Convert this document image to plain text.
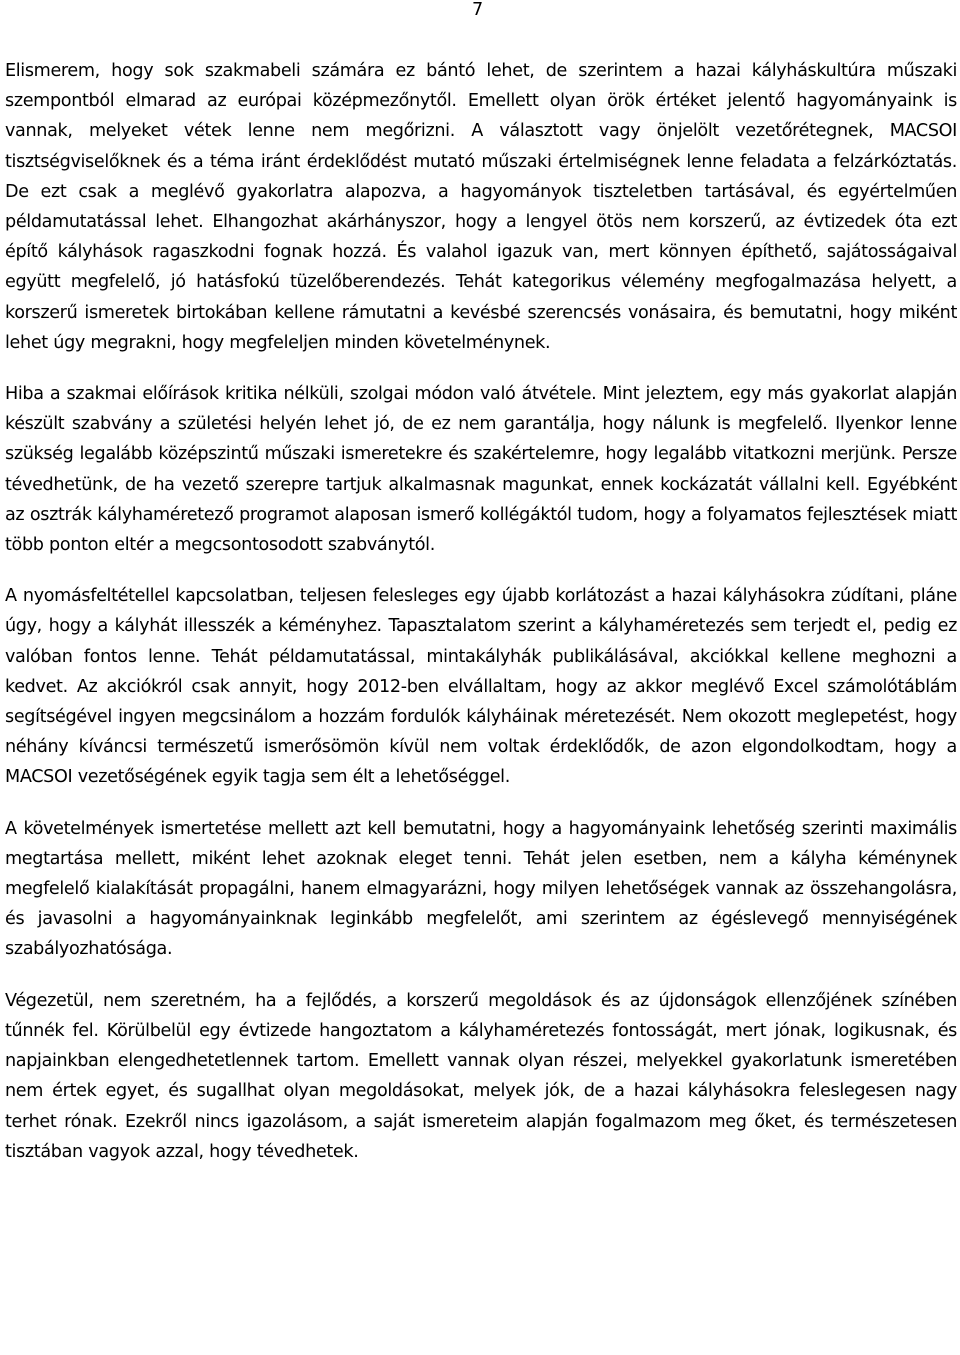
7

Elismerem, hogy sok szakmabeli számára ez bántó lehet, de szerintem a hazai kályháskultúra műszaki szempontból elmarad az európai középmezőnytől. Emellett olyan örök értéket jelentő hagyományaink is vannak, melyeket vétek lenne nem megőrizni. A választott vagy önjelölt vezetőrétegnek, MACSOI tisztségviselőknek és a téma iránt érdeklődést mutató műszaki értelmiségnek lenne feladata a felzárkóztatás. De ezt csak a meglévő gyakorlatra alapozva, a hagyományok tiszteletben tartásával, és egyértelműen példamutatással lehet. Elhangozhat akárhányszor, hogy a lengyel ötös nem korszerű, az évtizedek óta ezt építő kályhások ragaszkodni fognak hozzá. És valahol igazuk van, mert könnyen építhető, sajátosságaival együtt megfelelő, jó hatásfokú tüzelőberendezés. Tehát kategorikus vélemény megfogalmazása helyett, a korszerű ismeretek birtokában kellene rámutatni a kevésbé szerencsés vonásaira, és bemutatni, hogy miként lehet úgy megrakni, hogy megfeleljen minden követelménynek.

Hiba a szakmai előírások kritika nélküli, szolgai módon való átvétele. Mint jeleztem, egy más gyakorlat alapján készült szabvány a születési helyén lehet jó, de ez nem garantálja, hogy nálunk is megfelelő. Ilyenkor lenne szükség legalább középszintű műszaki ismeretekre és szakértelemre, hogy legalább vitatkozni merjünk. Persze tévedhetünk, de ha vezető szerepre tartjuk alkalmasnak magunkat, ennek kockázatát vállalni kell. Egyébként az osztrák kályhaméretező programot alaposan ismerő kollégáktól tudom, hogy a folyamatos fejlesztések miatt több ponton eltér a megcsontosodott szabványtól.

A nyomásfeltétellel kapcsolatban, teljesen felesleges egy újabb korlátozást a hazai kályhásokra zúdítani, pláne úgy, hogy a kályhát illesszék a kéményhez. Tapasztalatom szerint a kályhaméretezés sem terjedt el, pedig ez valóban fontos lenne. Tehát példamutatással, mintakályhák publikálásával, akciókkal kellene meghozni a kedvet. Az akciókról csak annyit, hogy 2012-ben elvállaltam, hogy az akkor meglévő Excel számolótáblám segítségével ingyen megcsinálom a hozzám fordulók kályháinak méretezését. Nem okozott meglepetést, hogy néhány kíváncsi természetű ismerősömön kívül nem voltak érdeklődők, de azon elgondolkodtam, hogy a MACSOI vezetőségének egyik tagja sem élt a lehetőséggel.

A követelmények ismertetése mellett azt kell bemutatni, hogy a hagyományaink lehetőség szerinti maximális megtartása mellett, miként lehet azoknak eleget tenni. Tehát jelen esetben, nem a kályha kéménynek megfelelő kialakítását propagálni, hanem elmagyarázni, hogy milyen lehetőségek vannak az összehangolásra, és javasolni a hagyományainknak leginkább megfelelőt, ami szerintem az égéslevegő mennyiségének szabályozhatósága.

Végezetül, nem szeretném, ha a fejlődés, a korszerű megoldások és az újdonságok ellenzőjének színében tűnnék fel. Körülbelül egy évtizede hangoztatom a kályhaméretezés fontosságát, mert jónak, logikusnak, és napjainkban elengedhetetlennek tartom. Emellett vannak olyan részei, melyekkel gyakorlatunk ismeretében nem értek egyet, és sugallhat olyan megoldásokat, melyek jók, de a hazai kályhásokra feleslegesen nagy terhet rónak. Ezekről nincs igazolásom, a saját ismereteim alapján fogalmazom meg őket, és természetesen tisztában vagyok azzal, hogy tévedhetek.
